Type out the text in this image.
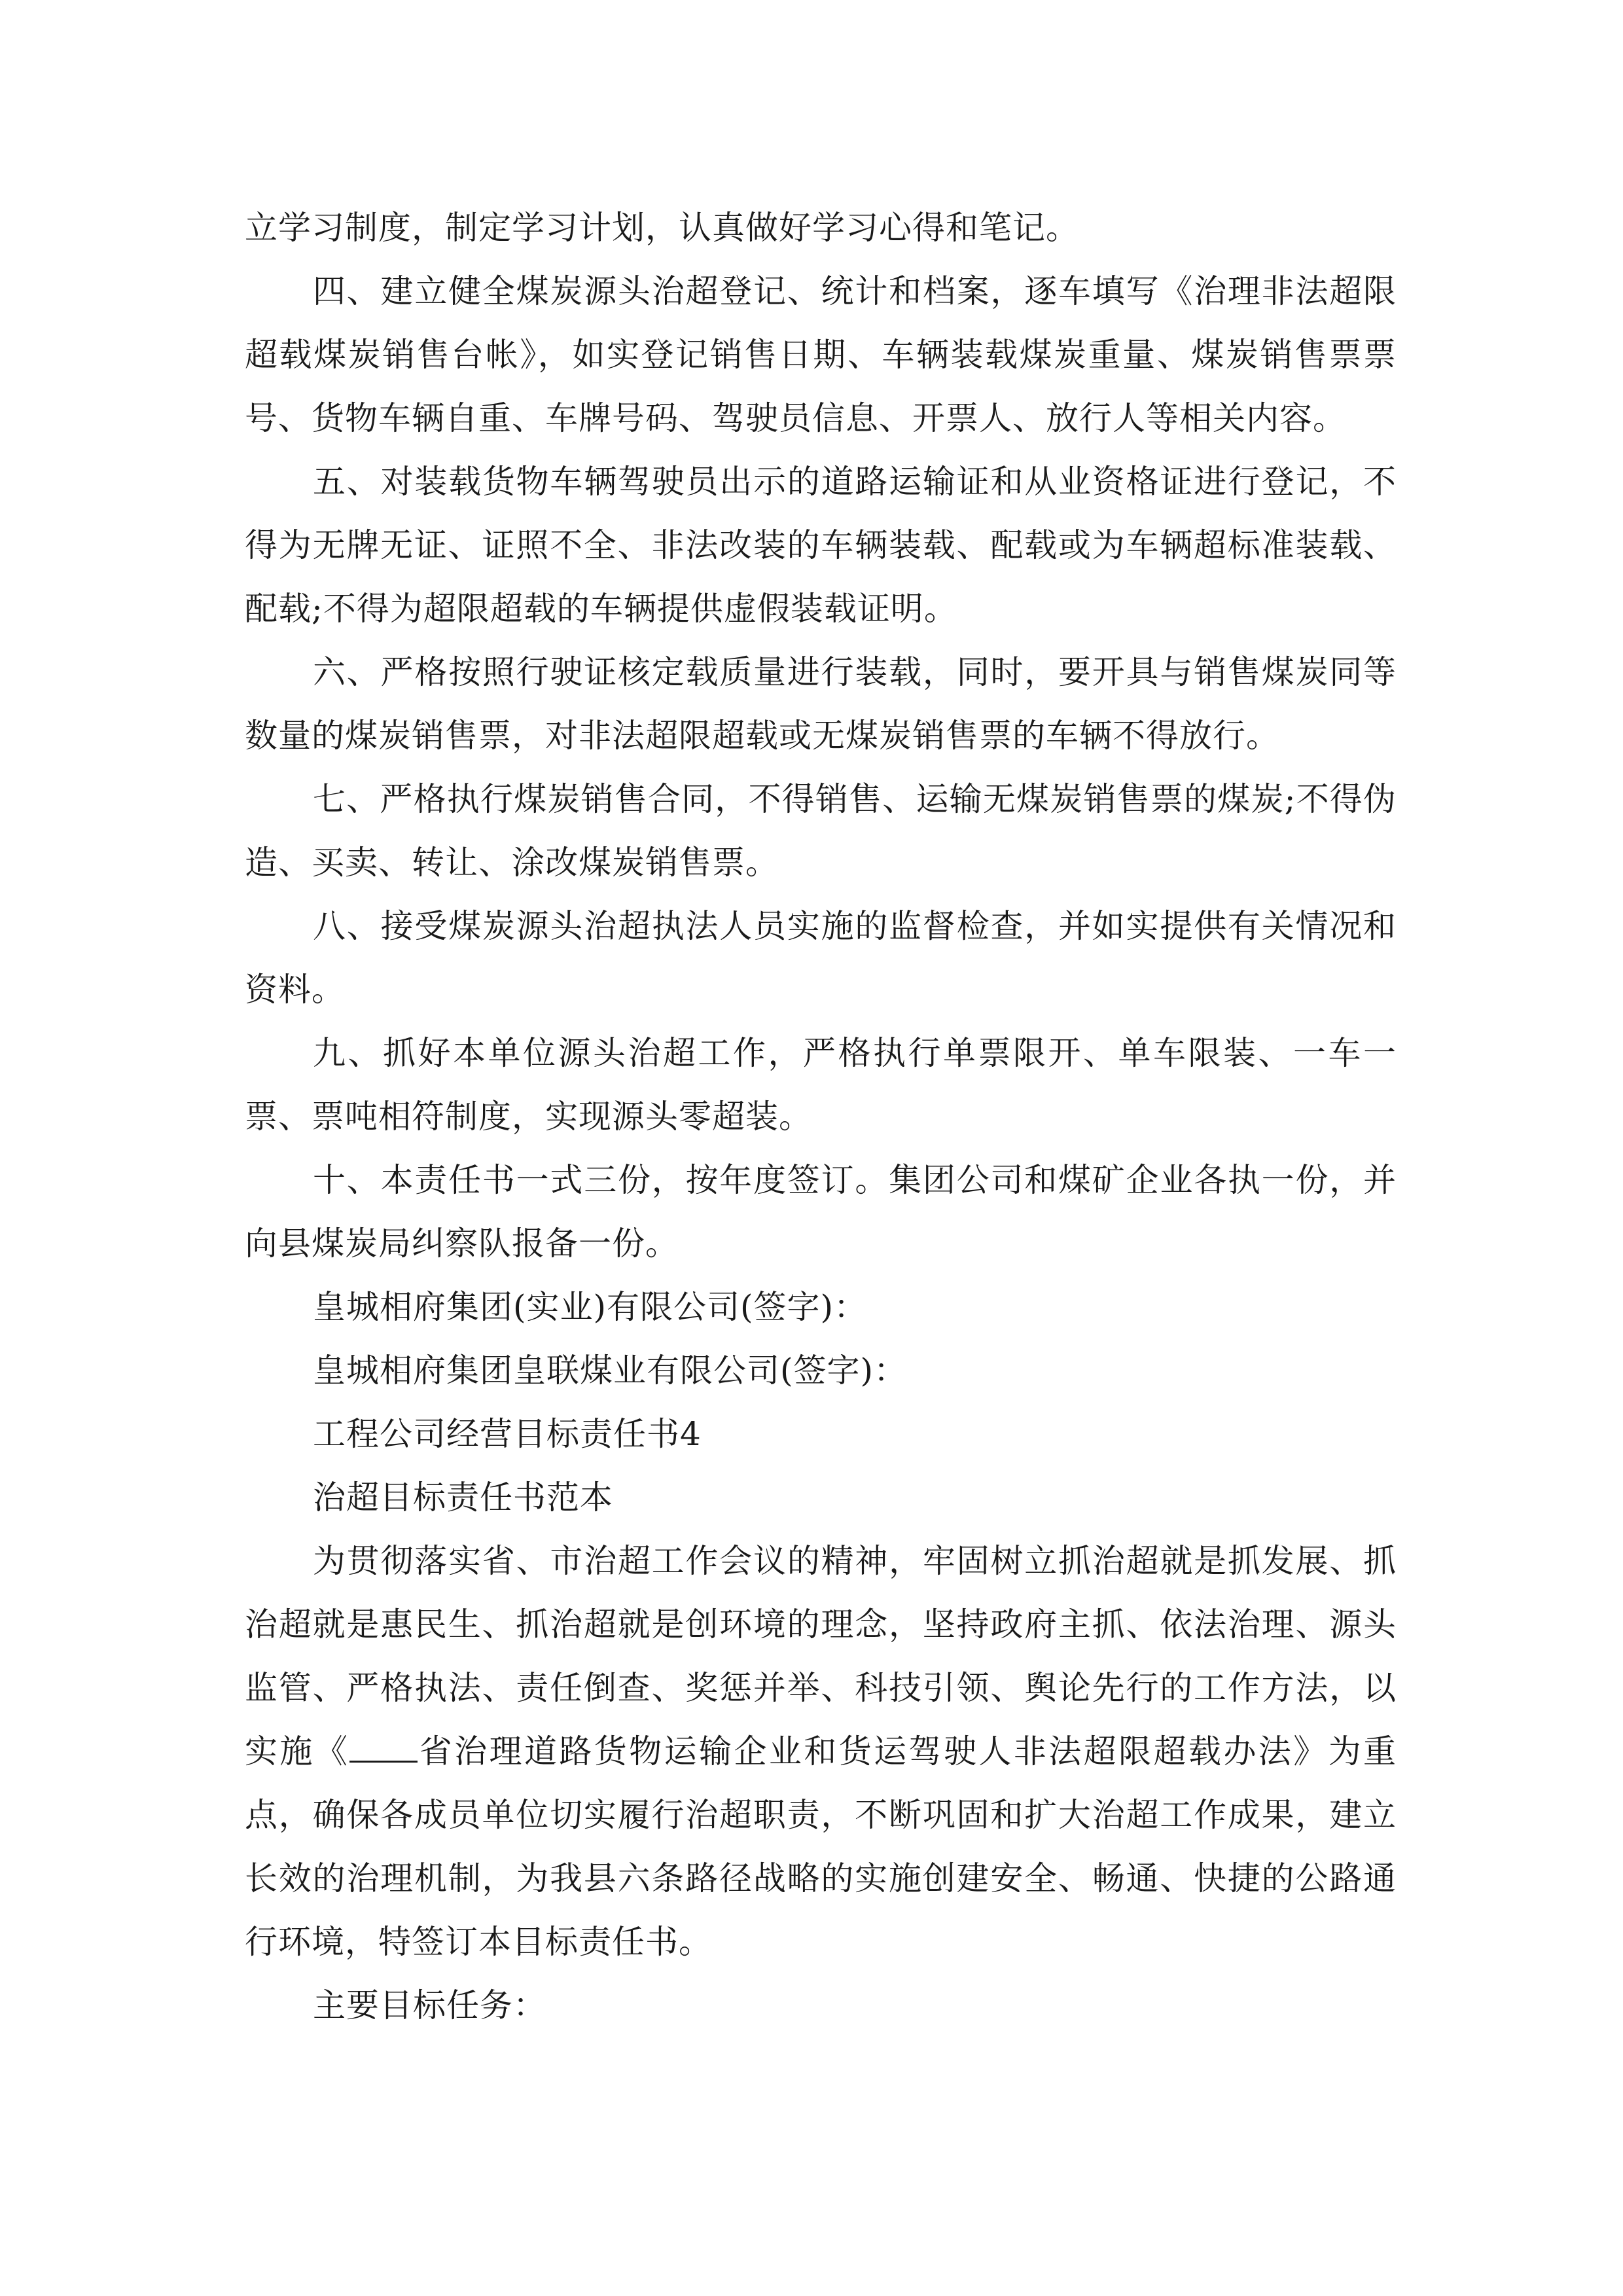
立学习制度，制定学习计划，认真做好学习心得和笔记。

四、建立健全煤炭源头治超登记、统计和档案，逐车填写《治理非法超限超载煤炭销售台帐》，如实登记销售日期、车辆装载煤炭重量、煤炭销售票票号、货物车辆自重、车牌号码、驾驶员信息、开票人、放行人等相关内容。

五、对装载货物车辆驾驶员出示的道路运输证和从业资格证进行登记，不得为无牌无证、证照不全、非法改装的车辆装载、配载或为车辆超标准装载、配载;不得为超限超载的车辆提供虚假装载证明。

六、严格按照行驶证核定载质量进行装载，同时，要开具与销售煤炭同等数量的煤炭销售票，对非法超限超载或无煤炭销售票的车辆不得放行。

七、严格执行煤炭销售合同，不得销售、运输无煤炭销售票的煤炭;不得伪造、买卖、转让、涂改煤炭销售票。

八、接受煤炭源头治超执法人员实施的监督检查，并如实提供有关情况和资料。

九、抓好本单位源头治超工作，严格执行单票限开、单车限装、一车一票、票吨相符制度，实现源头零超装。

十、本责任书一式三份，按年度签订。集团公司和煤矿企业各执一份，并向县煤炭局纠察队报备一份。

皇城相府集团(实业)有限公司(签字)：

皇城相府集团皇联煤业有限公司(签字)：

工程公司经营目标责任书4

治超目标责任书范本

为贯彻落实省、市治超工作会议的精神，牢固树立抓治超就是抓发展、抓治超就是惠民生、抓治超就是创环境的理念，坚持政府主抓、依法治理、源头监管、严格执法、责任倒查、奖惩并举、科技引领、舆论先行的工作方法，以实施《 省治理道路货物运输企业和货运驾驶人非法超限超载办法》为重点，确保各成员单位切实履行治超职责，不断巩固和扩大治超工作成果，建立长效的治理机制，为我县六条路径战略的实施创建安全、畅通、快捷的公路通行环境，特签订本目标责任书。

主要目标任务：
